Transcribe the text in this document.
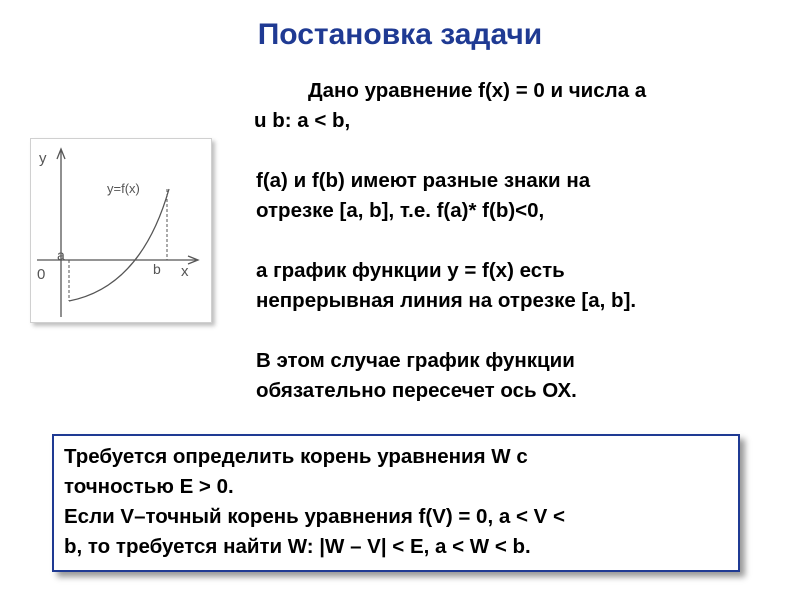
Постановка задачи
y
x
0
a
b
y=f(x)
Дано уравнение f(x) = 0 и числа a
u b: a < b,
f(a) и f(b) имеют разные знаки на
отрезке [a, b], т.е. f(a)* f(b)<0,
а график функции y = f(x) есть
непрерывная линия на отрезке [a, b].
В этом случае график функции
обязательно пересечет ось ОХ.

Требуется определить корень уравнения W с

точностью E > 0.

Если V–точный корень уравнения f(V) = 0, a < V <

b, то требуется найти W: |W – V| < E, a < W < b.
